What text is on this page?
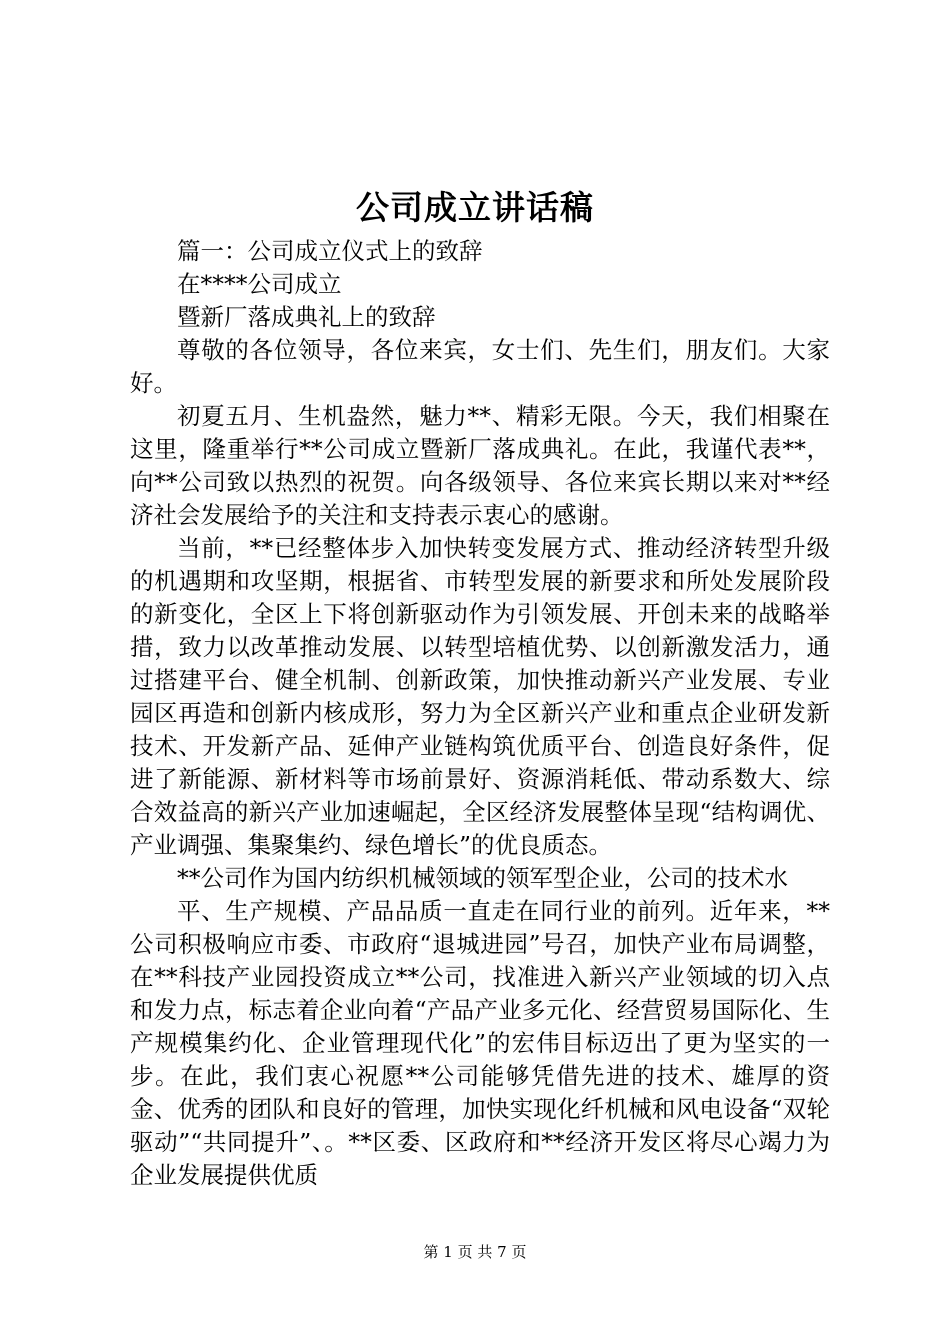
公司成立讲话稿

篇一：公司成立仪式上的致辞

在****公司成立

暨新厂落成典礼上的致辞

尊敬的各位领导，各位来宾，女士们、先生们，朋友们。大家好。

初夏五月、生机盎然，魅力**、精彩无限。今天，我们相聚在这里，隆重举行**公司成立暨新厂落成典礼。在此，我谨代表**，向**公司致以热烈的祝贺。向各级领导、各位来宾长期以来对**经济社会发展给予的关注和支持表示衷心的感谢。

当前，**已经整体步入加快转变发展方式、推动经济转型升级的机遇期和攻坚期，根据省、市转型发展的新要求和所处发展阶段的新变化，全区上下将创新驱动作为引领发展、开创未来的战略举措，致力以改革推动发展、以转型培植优势、以创新激发活力，通过搭建平台、健全机制、创新政策，加快推动新兴产业发展、专业园区再造和创新内核成形，努力为全区新兴产业和重点企业研发新技术、开发新产品、延伸产业链构筑优质平台、创造良好条件，促进了新能源、新材料等市场前景好、资源消耗低、带动系数大、综合效益高的新兴产业加速崛起，全区经济发展整体呈现“结构调优、产业调强、集聚集约、绿色增长”的优良质态。

**公司作为国内纺织机械领域的领军型企业，公司的技术水

平、生产规模、产品品质一直走在同行业的前列。近年来，**公司积极响应市委、市政府“退城进园”号召，加快产业布局调整，在**科技产业园投资成立**公司，找准进入新兴产业领域的切入点和发力点，标志着企业向着“产品产业多元化、经营贸易国际化、生产规模集约化、企业管理现代化”的宏伟目标迈出了更为坚实的一步。在此，我们衷心祝愿**公司能够凭借先进的技术、雄厚的资金、优秀的团队和良好的管理，加快实现化纤机械和风电设备“双轮驱动”“共同提升”、。**区委、区政府和**经济开发区将尽心竭力为企业发展提供优质

第 1 页 共 7 页
